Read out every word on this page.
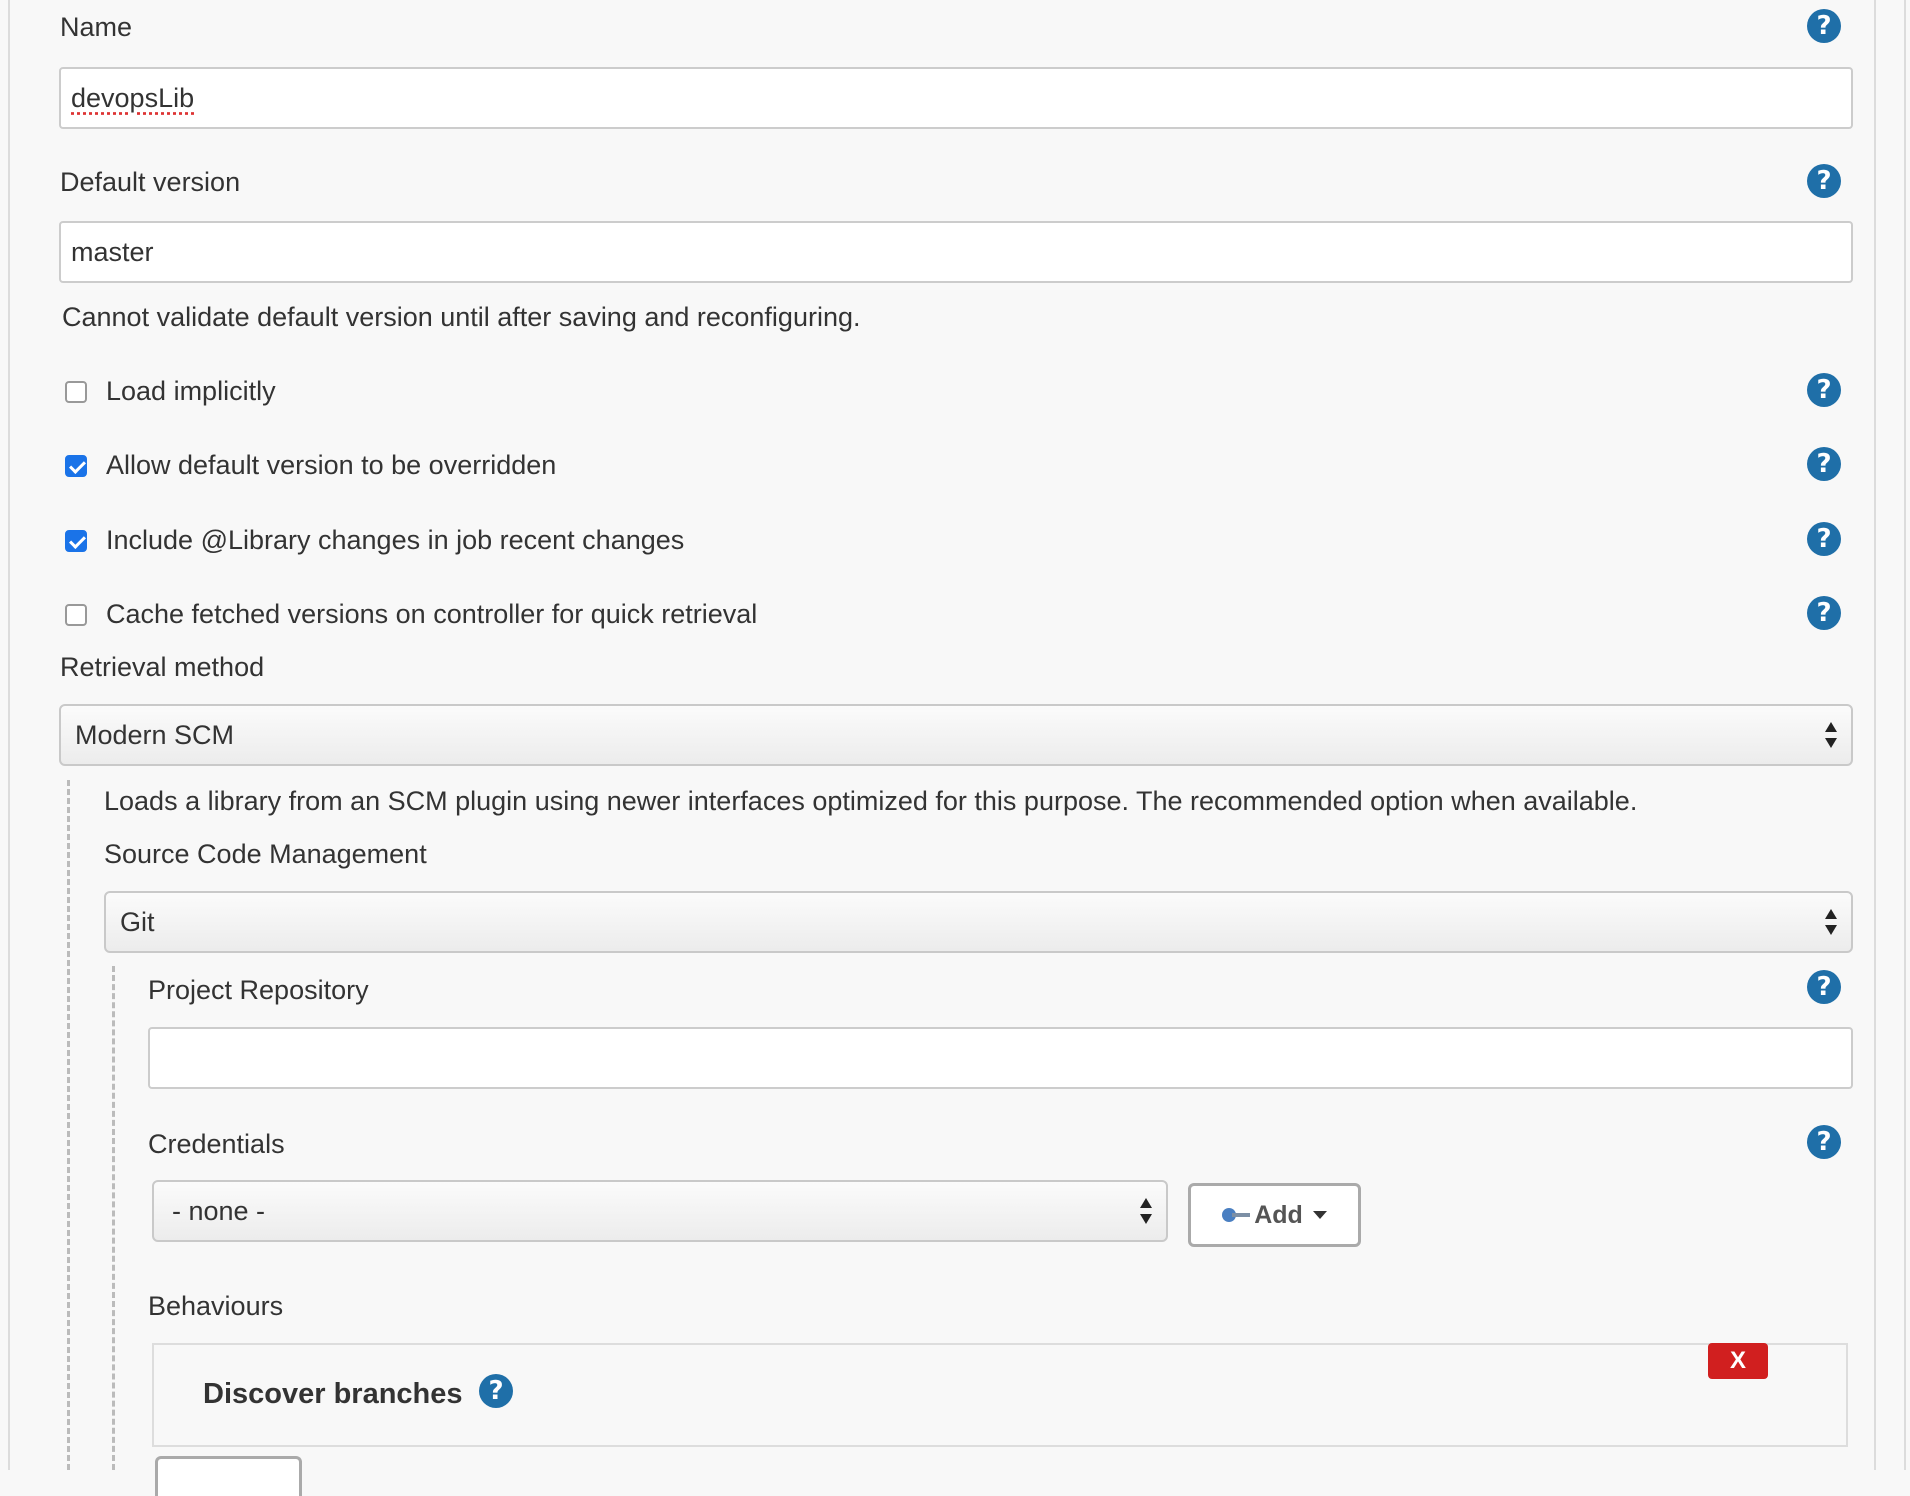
Name	?
devopsLib
Default version	?
master
Cannot validate default version until after saving and reconfiguring.
Load implicitly	?
Allow default version to be overridden	?
Include @Library changes in job recent changes	?
Cache fetched versions on controller for quick retrieval	?
Retrieval method
Modern SCM
Loads a library from an SCM plugin using newer interfaces optimized for this purpose. The recommended option when available.
Source Code Management
Git
Project Repository	?
Credentials	?
- none -	Add
Behaviours
Discover branches ?
X
